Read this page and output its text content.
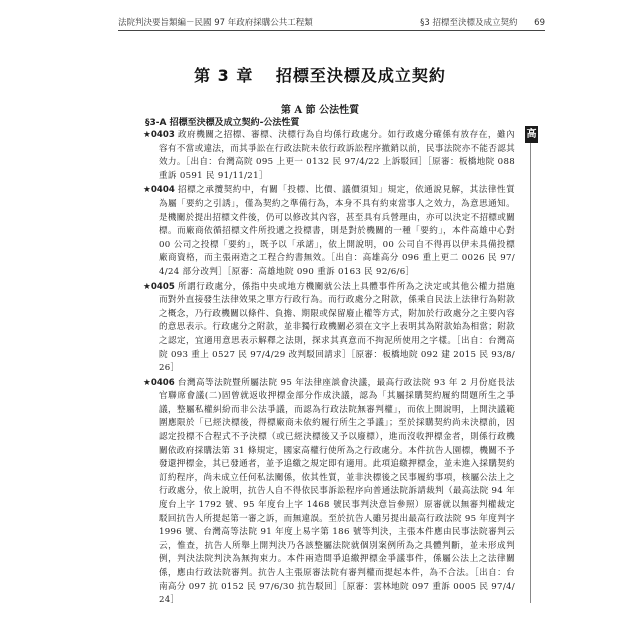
法院判決要旨類編－民國 97 年政府採購公共工程類	§3 招標至決標及成立契約 69
第 3 章 招標至決標及成立契約
第 A 節 公法性質
§3-A 招標至決標及成立契約-公法性質
高

★0403 政府機關之招標、審標、決標行為自均係行政處分。如行政處分確係有放存在，雖內容有不當或違法，而其爭訟在行政法院未依行政訴訟程序撤銷以前，民事法院亦不能否認其效力。［出自：台灣高院 095 上更一 0132 民 97/4/22 上訴駁回］［原審：板橋地院 088 重訴 0591 民 91/11/21］

★0404 招標之承攬契約中，有關「投標、比價、議價須知」規定，依通說見解，其法律性質為屬「要約之引誘」，僅為契約之準備行為，本身不具有約束當事人之效力，為意思通知。是機關於提出招標文件後，仍可以修改其內容，甚至具有兵營理由，亦可以決定不招標或關標。而廠商依循招標文件所投遞之投標書，則是對於機關的一種「要約」，本件高雄中心對 00 公司之投標「要約」，既予以「承諾」，依上開說明，00 公司自不得再以伊未具備投標廠商資格，而主張兩造之工程合約書無效。［出自：高雄高分 096 重上更二 0026 民 97/4/24 部分改判］［原審：高雄地院 090 重訴 0163 民 92/6/6］

★0405 所謂行政處分，係指中央或地方機關就公法上具體事件所為之決定或其他公權力措施而對外直接發生法律效果之單方行政行為。而行政處分之附款，係乘自民法上法律行為附款之概念，乃行政機關以條件、負擔、期限或保留廢止權等方式，附加於行政處分之主要內容的意思表示。行政處分之附款，並非獨行政機關必須在文字上表明其為附款始為相當；附款之認定，宜適用意思表示解釋之法則，探求其真意而不拘泥所使用之字樣。［出自：台灣高院 093 重上 0527 民 97/4/29 改判駁回請求］［原審：板橋地院 092 建 2015 民 93/8/26］

★0406 台灣高等法院暨所屬法院 95 年法律座談會決議，最高行政法院 93 年 2 月份庭長法官聯席會議(二)固曾就返收押標金部分作成決議，認為「其屬採購契約履約問題所生之爭議，整屬私權糾紛而非公法爭議，而認為行政法院無審判權」，而依上開說明，上開決議範圍應限於「已經決標後，得標廠商未依約履行所生之爭議」；至於採購契約尚未決標前，因認定投標不合程式不予決標（或已經決標後又予以廢標），進而沒收押標金者，則係行政機關依政府採購法第 31 條規定，國家高權行使所為之行政處分。本件抗告人園標，機關不予發還押標金，其已發通者，並予追繳之規定即有適用。此項追繳押標金，並未進入採購契約訂約程序，尚未成立任何私法關係，依其性質，並非決標後之民事履約事項，核屬公法上之行政處分，依上說明，抗告人自不得依民事訴訟程序向普通法院訴請裁判（最高法院 94 年度台上字 1792 號、95 年度台上字 1468 號民事判決意旨參照）原審就以無審判權裁定駁回抗告人所提起第一審之訴，而無違誤。至於抗告人雖另提出最高行政法院 95 年度判字 1996 號、台灣高等法院 91 年度上易字第 186 號等判決，主張本件應由民事法院審判云云，惟查，抗告人所舉上開判決乃各該整屬法院就個別案例所為之具體判斷，並未形成判例，判決法院判決為無拘束力。本件兩造間爭追繳押標金爭議事件，係屬公法上之法律關係，應由行政法院審判。抗告人主張原審法院有審判權而提起本件，為不合法。［出自：台南高分 097 抗 0152 民 97/6/30 抗告駁回］［原審：雲林地院 097 重訴 0005 民 97/4/24］
